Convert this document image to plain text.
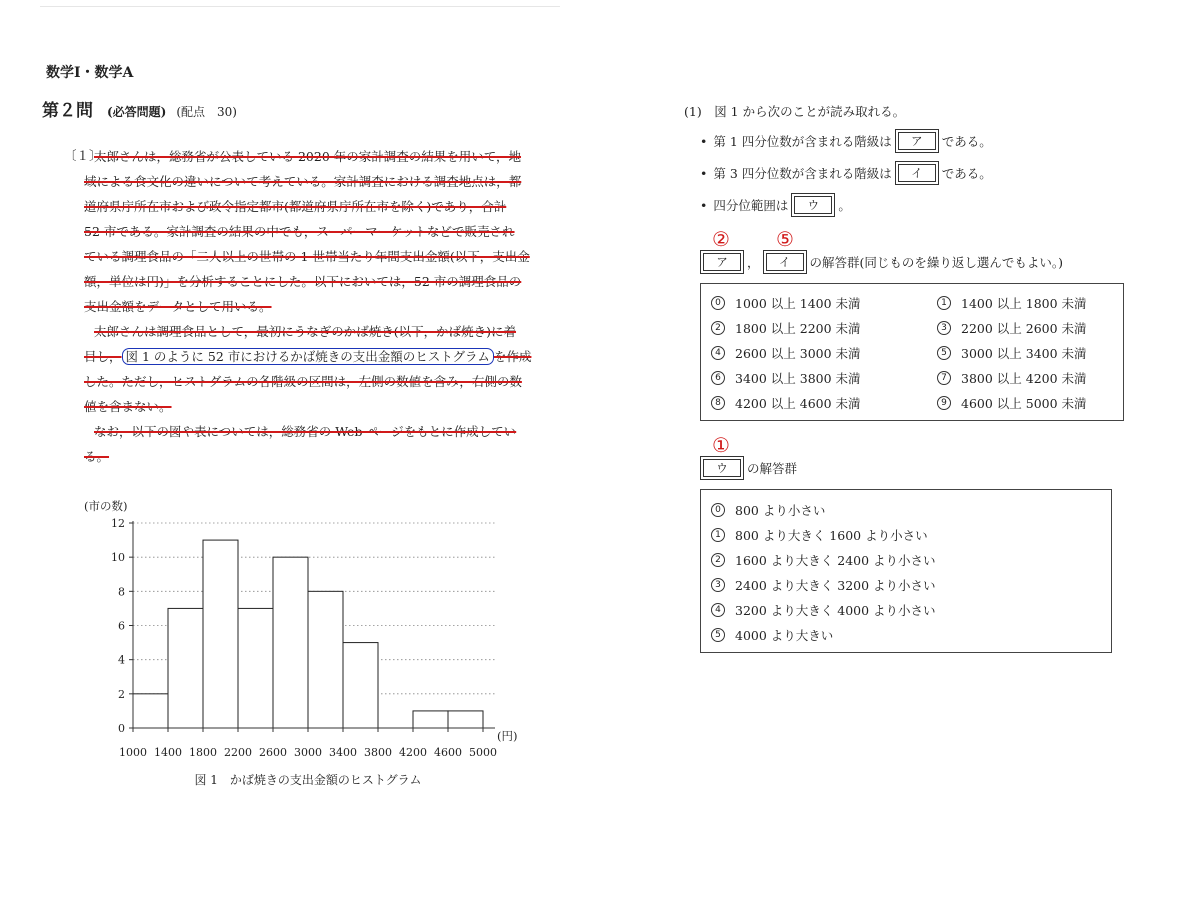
数学Ⅰ・数学A
第２問 (必答問題) (配点　30)
〔１〕
太郎さんは，総務省が公表している 2020 年の家計調査の結果を用いて，地
域による食文化の違いについて考えている。家計調査における調査地点は，都
道府県庁所在市および政令指定都市(都道府県庁所在市を除く)であり，合計
52 市である。家計調査の結果の中でも，スーパーマーケットなどで販売され
ている調理食品の「二人以上の世帯の 1 世帯当たり年間支出金額(以下，支出金
額，単位は円)」を分析することにした。以下においては，52 市の調理食品の
支出金額をデータとして用いる。
太郎さんは調理食品として，最初にうなぎのかば焼き(以下，かば焼き)に着
目し， 図 1 のように 52 市におけるかば焼きの支出金額のヒストグラム を作成
した。ただし，ヒストグラムの各階級の区間は，左側の数値を含み，右側の数
値を含まない。
なお，以下の図や表については，総務省の Web ページをもとに作成してい
る。
0
2
4
6
8
10
12
1000 1400 1800 2200 2600 3000 3400 3800 4200 4600 5000
(市の数)
(円)
図 1　かば焼きの支出金額のヒストグラム
(1)　図 1 から次のことが読み取れる。
• 第 1 四分位数が含まれる階級は	ア	である。
• 第 3 四分位数が含まれる階級は	イ	である。
• 四分位範囲は	ウ	。
② ⑤
ア	，	イ	の解答群(同じものを繰り返し選んでもよい。)
0	1000 以上 1400 未満	1	1400 以上 1800 未満
2	1800 以上 2200 未満	3	2200 以上 2600 未満
4	2600 以上 3000 未満	5	3000 以上 3400 未満
6	3400 以上 3800 未満	7	3800 以上 4200 未満
8	4200 以上 4600 未満	9	4600 以上 5000 未満
①
ウ	の解答群
0	800 より小さい
1	800 より大きく 1600 より小さい
2	1600 より大きく 2400 より小さい
3	2400 より大きく 3200 より小さい
4	3200 より大きく 4000 より小さい
5	4000 より大きい
